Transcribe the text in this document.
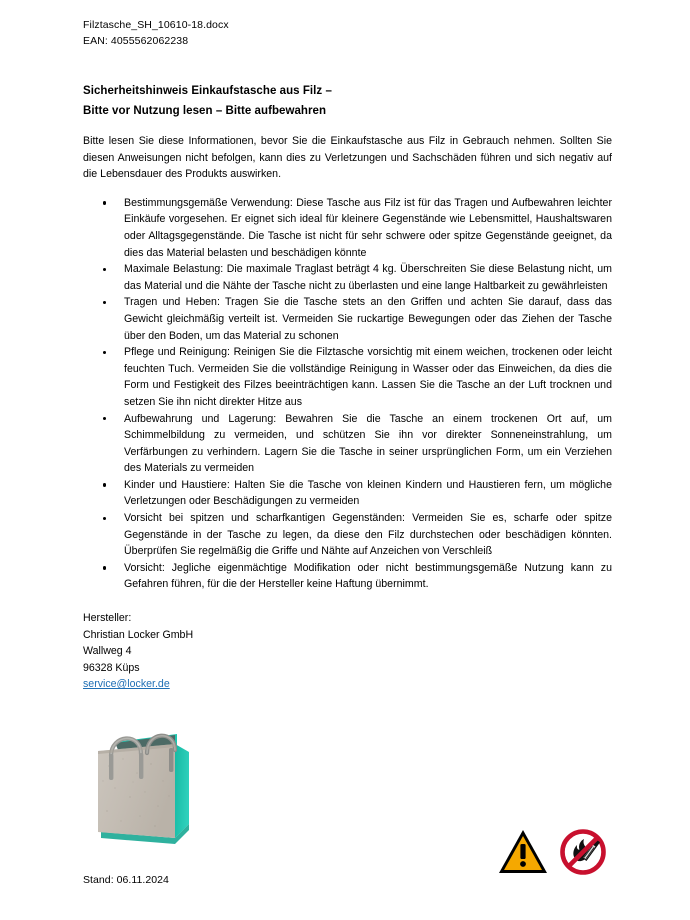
Filztasche_SH_10610-18.docx
EAN: 4055562062238
Sicherheitshinweis Einkaufstasche aus Filz –
Bitte vor Nutzung lesen – Bitte aufbewahren

Bitte lesen Sie diese Informationen, bevor Sie die Einkaufstasche aus Filz in Gebrauch nehmen. Sollten Sie diesen Anweisungen nicht befolgen, kann dies zu Verletzungen und Sachschäden führen und sich negativ auf die Lebensdauer des Produkts auswirken.

Bestimmungsgemäße Verwendung: Diese Tasche aus Filz ist für das Tragen und Aufbewahren leichter Einkäufe vorgesehen. Er eignet sich ideal für kleinere Gegenstände wie Lebensmittel, Haushaltswaren oder Alltagsgegenstände. Die Tasche ist nicht für sehr schwere oder spitze Gegenstände geeignet, da dies das Material belasten und beschädigen könnte
Maximale Belastung: Die maximale Traglast beträgt 4 kg. Überschreiten Sie diese Belastung nicht, um das Material und die Nähte der Tasche nicht zu überlasten und eine lange Haltbarkeit zu gewährleisten
Tragen und Heben: Tragen Sie die Tasche stets an den Griffen und achten Sie darauf, dass das Gewicht gleichmäßig verteilt ist. Vermeiden Sie ruckartige Bewegungen oder das Ziehen der Tasche über den Boden, um das Material zu schonen
Pflege und Reinigung: Reinigen Sie die Filztasche vorsichtig mit einem weichen, trockenen oder leicht feuchten Tuch. Vermeiden Sie die vollständige Reinigung in Wasser oder das Einweichen, da dies die Form und Festigkeit des Filzes beeinträchtigen kann. Lassen Sie die Tasche an der Luft trocknen und setzen Sie ihn nicht direkter Hitze aus
Aufbewahrung und Lagerung: Bewahren Sie die Tasche an einem trockenen Ort auf, um Schimmelbildung zu vermeiden, und schützen Sie ihn vor direkter Sonneneinstrahlung, um Verfärbungen zu verhindern. Lagern Sie die Tasche in seiner ursprünglichen Form, um ein Verziehen des Materials zu vermeiden
Kinder und Haustiere: Halten Sie die Tasche von kleinen Kindern und Haustieren fern, um mögliche Verletzungen oder Beschädigungen zu vermeiden
Vorsicht bei spitzen und scharfkantigen Gegenständen: Vermeiden Sie es, scharfe oder spitze Gegenstände in der Tasche zu legen, da diese den Filz durchstechen oder beschädigen könnten. Überprüfen Sie regelmäßig die Griffe und Nähte auf Anzeichen von Verschleiß
Vorsicht: Jegliche eigenmächtige Modifikation oder nicht bestimmungsgemäße Nutzung kann zu Gefahren führen, für die der Hersteller keine Haftung übernimmt.
Hersteller:
Christian Locker GmbH
Wallweg 4
96328 Küps
service@locker.de
Stand: 06.11.2024
